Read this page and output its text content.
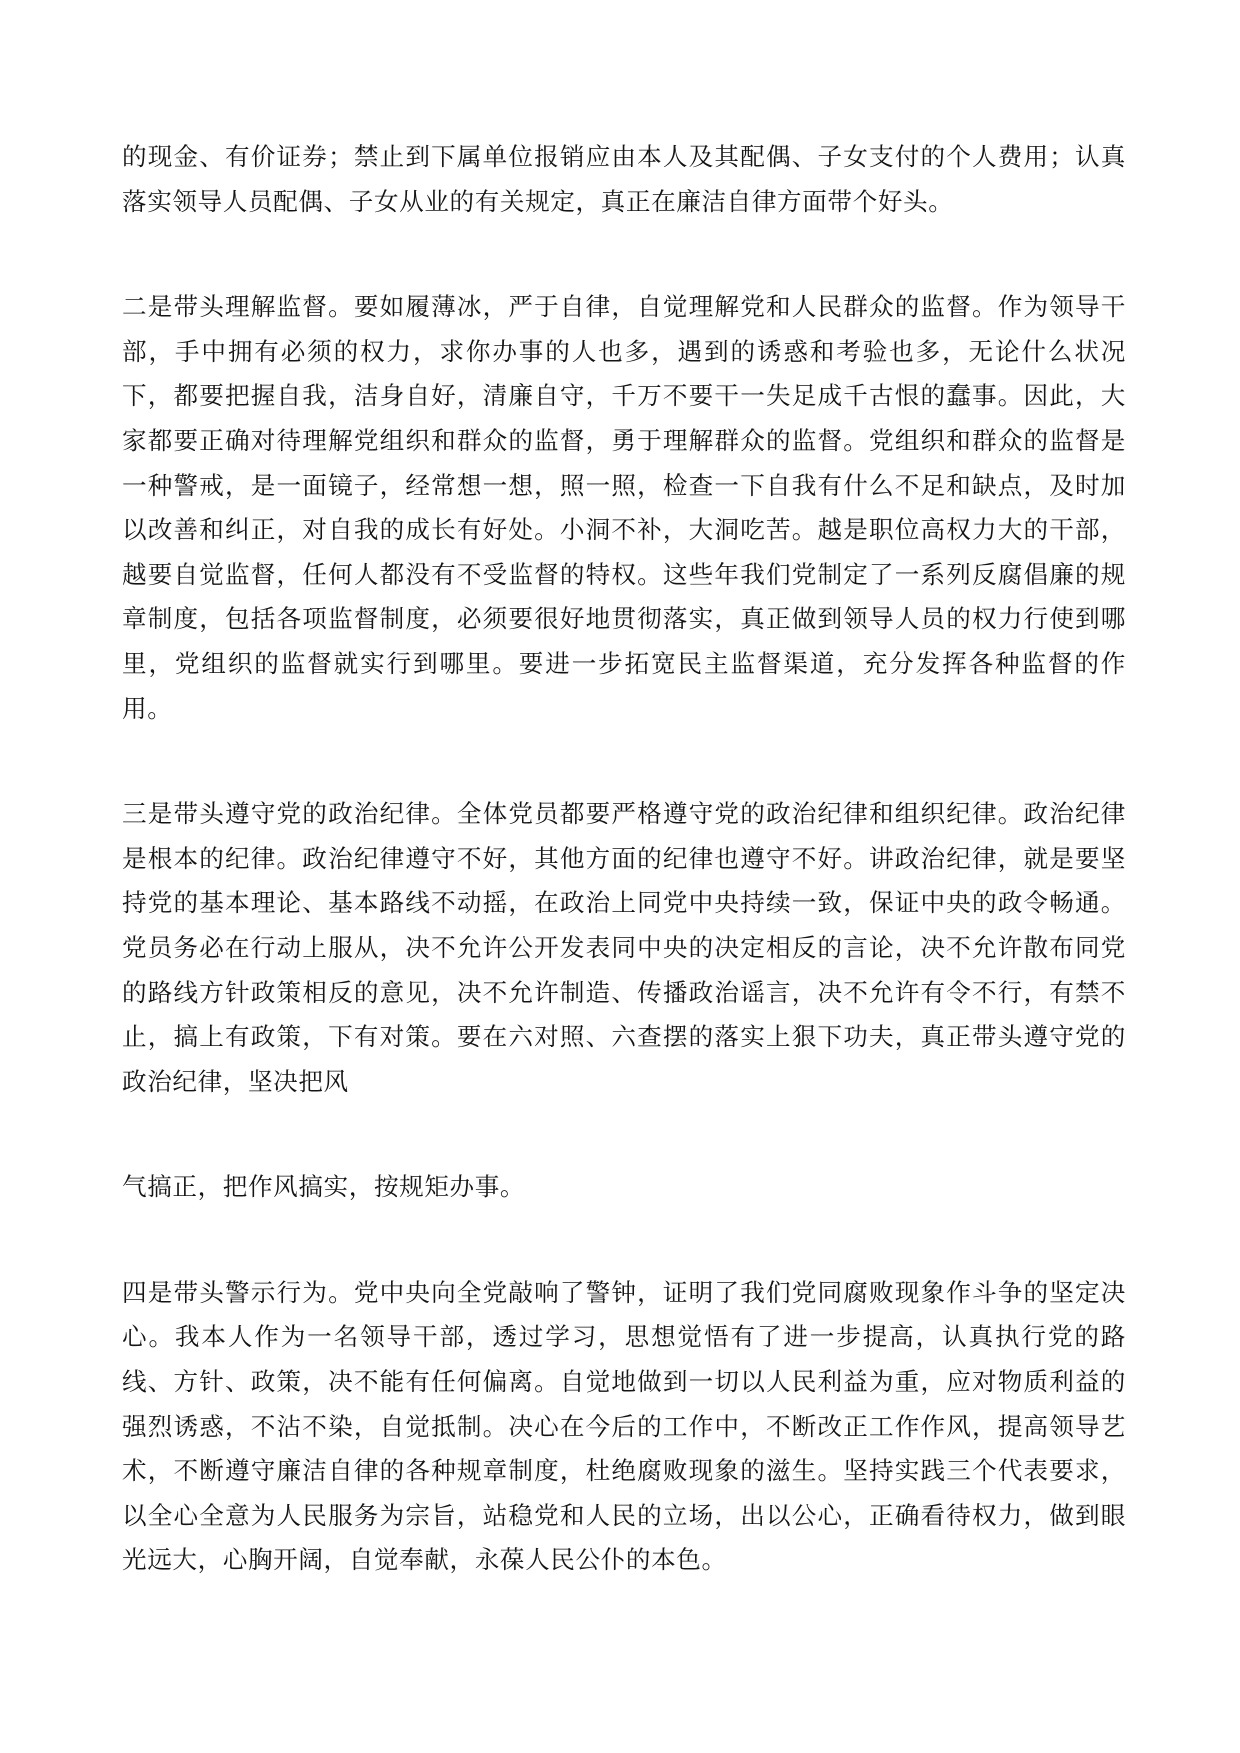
的现金、有价证券；禁止到下属单位报销应由本人及其配偶、子女支付的个人费用；认真落实领导人员配偶、子女从业的有关规定，真正在廉洁自律方面带个好头。

二是带头理解监督。要如履薄冰，严于自律，自觉理解党和人民群众的监督。作为领导干部，手中拥有必须的权力，求你办事的人也多，遇到的诱惑和考验也多，无论什么状况下，都要把握自我，洁身自好，清廉自守，千万不要干一失足成千古恨的蠢事。因此，大家都要正确对待理解党组织和群众的监督，勇于理解群众的监督。党组织和群众的监督是一种警戒，是一面镜子，经常想一想，照一照，检查一下自我有什么不足和缺点，及时加以改善和纠正，对自我的成长有好处。小洞不补，大洞吃苦。越是职位高权力大的干部，越要自觉监督，任何人都没有不受监督的特权。这些年我们党制定了一系列反腐倡廉的规章制度，包括各项监督制度，必须要很好地贯彻落实，真正做到领导人员的权力行使到哪里，党组织的监督就实行到哪里。要进一步拓宽民主监督渠道，充分发挥各种监督的作用。

三是带头遵守党的政治纪律。全体党员都要严格遵守党的政治纪律和组织纪律。政治纪律是根本的纪律。政治纪律遵守不好，其他方面的纪律也遵守不好。讲政治纪律，就是要坚持党的基本理论、基本路线不动摇，在政治上同党中央持续一致，保证中央的政令畅通。党员务必在行动上服从，决不允许公开发表同中央的决定相反的言论，决不允许散布同党的路线方针政策相反的意见，决不允许制造、传播政治谣言，决不允许有令不行，有禁不止，搞上有政策，下有对策。要在六对照、六查摆的落实上狠下功夫，真正带头遵守党的政治纪律，坚决把风

气搞正，把作风搞实，按规矩办事。

四是带头警示行为。党中央向全党敲响了警钟，证明了我们党同腐败现象作斗争的坚定决心。我本人作为一名领导干部，透过学习，思想觉悟有了进一步提高，认真执行党的路线、方针、政策，决不能有任何偏离。自觉地做到一切以人民利益为重，应对物质利益的强烈诱惑，不沾不染，自觉抵制。决心在今后的工作中，不断改正工作作风，提高领导艺术，不断遵守廉洁自律的各种规章制度，杜绝腐败现象的滋生。坚持实践三个代表要求，以全心全意为人民服务为宗旨，站稳党和人民的立场，出以公心，正确看待权力，做到眼光远大，心胸开阔，自觉奉献，永葆人民公仆的本色。
